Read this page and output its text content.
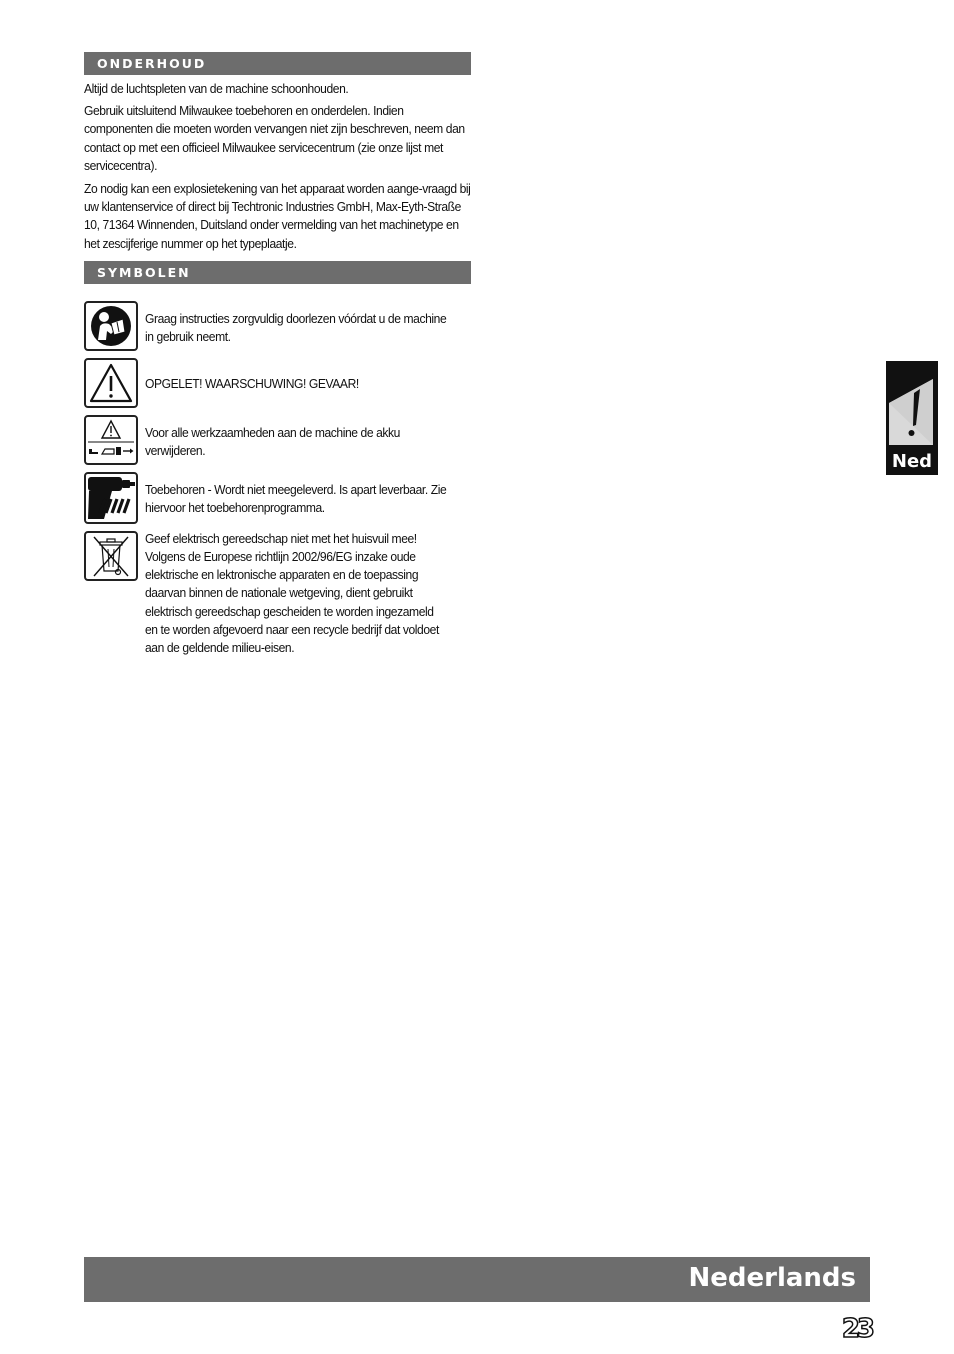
ONDERHOUD

Altijd de luchtspleten van de machine schoonhouden.

Gebruik uitsluitend Milwaukee toebehoren en onderdelen. Indien componenten die moeten worden vervangen niet zijn beschreven, neem dan contact op met een officieel Milwaukee servicecentrum (zie onze lijst met servicecentra).

Zo nodig kan een explosietekening van het apparaat worden aange-vraagd bij uw klantenservice of direct bij Techtronic Industries GmbH, Max-Eyth-Straße 10, 71364 Winnenden, Duitsland onder vermelding van het machinetype en het zescijferige nummer op het typeplaatje.

SYMBOLEN
Graag instructies zorgvuldig doorlezen vóórdat u de machine in gebruik neemt.
OPGELET! WAARSCHUWING! GEVAAR!
Voor alle werkzaamheden aan de machine de akku verwijderen.
Toebehoren - Wordt niet meegeleverd. Is apart leverbaar. Zie hiervoor het toebehorenprogramma.
Geef elektrisch gereedschap niet met het huisvuil mee! Volgens de Europese richtlijn 2002/96/EG inzake oude elektrische en lektronische apparaten en de toepassing daarvan binnen de nationale wetgeving, dient gebruikt elektrisch gereedschap gescheiden te worden ingezameld en te worden afgevoerd naar een recycle bedrijf dat voldoet aan de geldende milieu-eisen.
Ned
Nederlands
23
